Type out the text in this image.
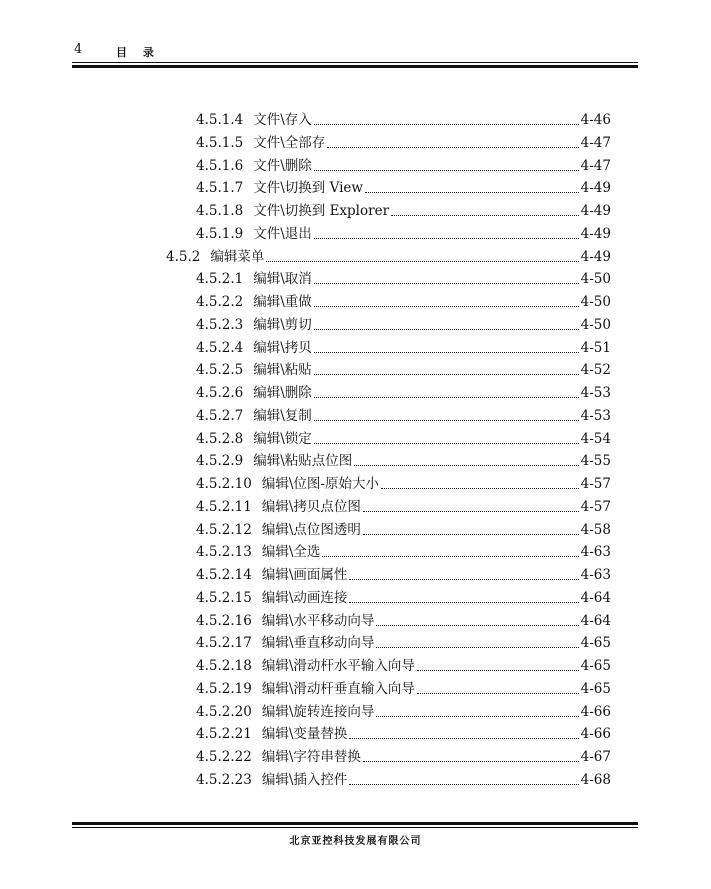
4	目 录
4.5.1.4 文件\存入	4-46
4.5.1.5 文件\全部存	4-47
4.5.1.6 文件\删除	4-47
4.5.1.7 文件\切换到 View	4-49
4.5.1.8 文件\切换到 Explorer	4-49
4.5.1.9 文件\退出	4-49
4.5.2 编辑菜单	4-49
4.5.2.1 编辑\取消	4-50
4.5.2.2 编辑\重做	4-50
4.5.2.3 编辑\剪切	4-50
4.5.2.4 编辑\拷贝	4-51
4.5.2.5 编辑\粘贴	4-52
4.5.2.6 编辑\删除	4-53
4.5.2.7 编辑\复制	4-53
4.5.2.8 编辑\锁定	4-54
4.5.2.9 编辑\粘贴点位图	4-55
4.5.2.10 编辑\位图-原始大小	4-57
4.5.2.11 编辑\拷贝点位图	4-57
4.5.2.12 编辑\点位图透明	4-58
4.5.2.13 编辑\全选	4-63
4.5.2.14 编辑\画面属性	4-63
4.5.2.15 编辑\动画连接	4-64
4.5.2.16 编辑\水平移动向导	4-64
4.5.2.17 编辑\垂直移动向导	4-65
4.5.2.18 编辑\滑动杆水平输入向导	4-65
4.5.2.19 编辑\滑动杆垂直输入向导	4-65
4.5.2.20 编辑\旋转连接向导	4-66
4.5.2.21 编辑\变量替换	4-66
4.5.2.22 编辑\字符串替换	4-67
4.5.2.23 编辑\插入控件	4-68
北京亚控科技发展有限公司
